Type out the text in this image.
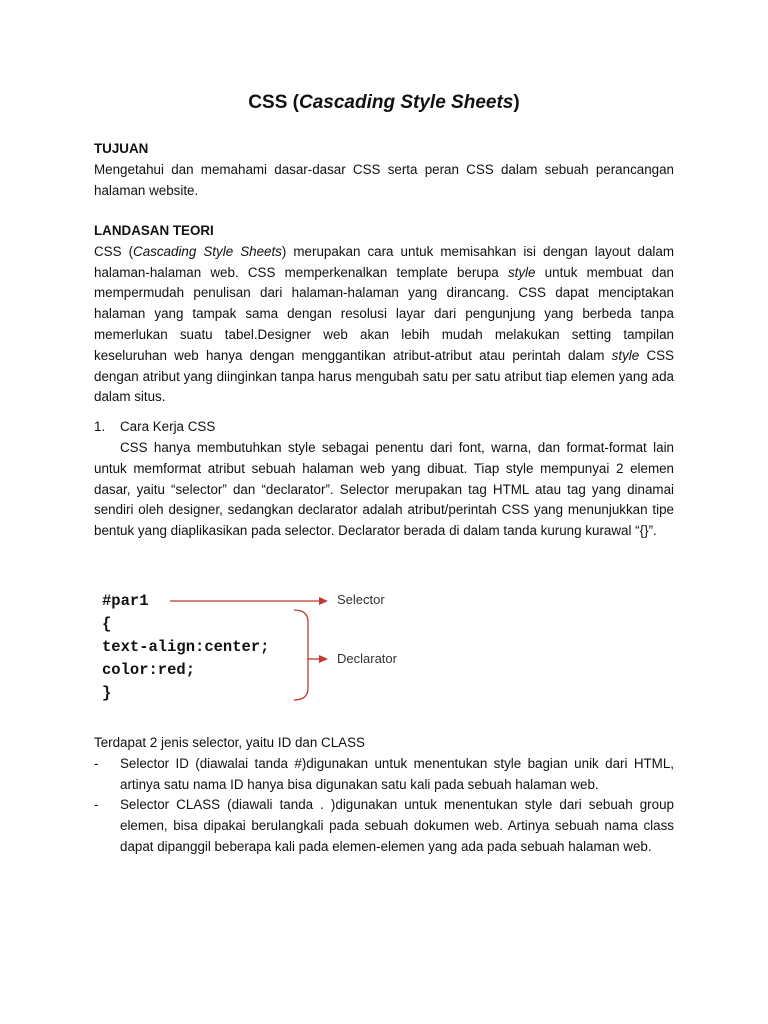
CSS (Cascading Style Sheets)
TUJUAN
Mengetahui dan memahami dasar-dasar CSS serta peran CSS dalam sebuah perancangan halaman website.
LANDASAN TEORI
CSS (Cascading Style Sheets) merupakan cara untuk memisahkan isi dengan layout dalam halaman-halaman web. CSS memperkenalkan template berupa style untuk membuat dan mempermudah penulisan dari halaman-halaman yang dirancang. CSS dapat menciptakan halaman yang tampak sama dengan resolusi layar dari pengunjung yang berbeda tanpa memerlukan suatu tabel.Designer web akan lebih mudah melakukan setting tampilan keseluruhan web hanya dengan menggantikan atribut-atribut atau perintah dalam style CSS dengan atribut yang diinginkan tanpa harus mengubah satu per satu atribut tiap elemen yang ada dalam situs.
1. Cara Kerja CSS
CSS hanya membutuhkan style sebagai penentu dari font, warna, dan format-format lain untuk memformat atribut sebuah halaman web yang dibuat. Tiap style mempunyai 2 elemen dasar, yaitu “selector” dan “declarator”. Selector merupakan tag HTML atau tag yang dinamai sendiri oleh designer, sedangkan declarator adalah atribut/perintah CSS yang menunjukkan tipe bentuk yang diaplikasikan pada selector. Declarator berada di dalam tanda kurung kurawal “{}”.
#par1
{
text-align:center;
color:red;
}
Selector
Declarator
Terdapat 2 jenis selector, yaitu ID dan CLASS
- Selector ID (diawalai tanda #)digunakan untuk menentukan style bagian unik dari HTML, artinya satu nama ID hanya bisa digunakan satu kali pada sebuah halaman web.
- Selector CLASS (diawali tanda . )digunakan untuk menentukan style dari sebuah group elemen, bisa dipakai berulangkali pada sebuah dokumen web. Artinya sebuah nama class dapat dipanggil beberapa kali pada elemen-elemen yang ada pada sebuah halaman web.
